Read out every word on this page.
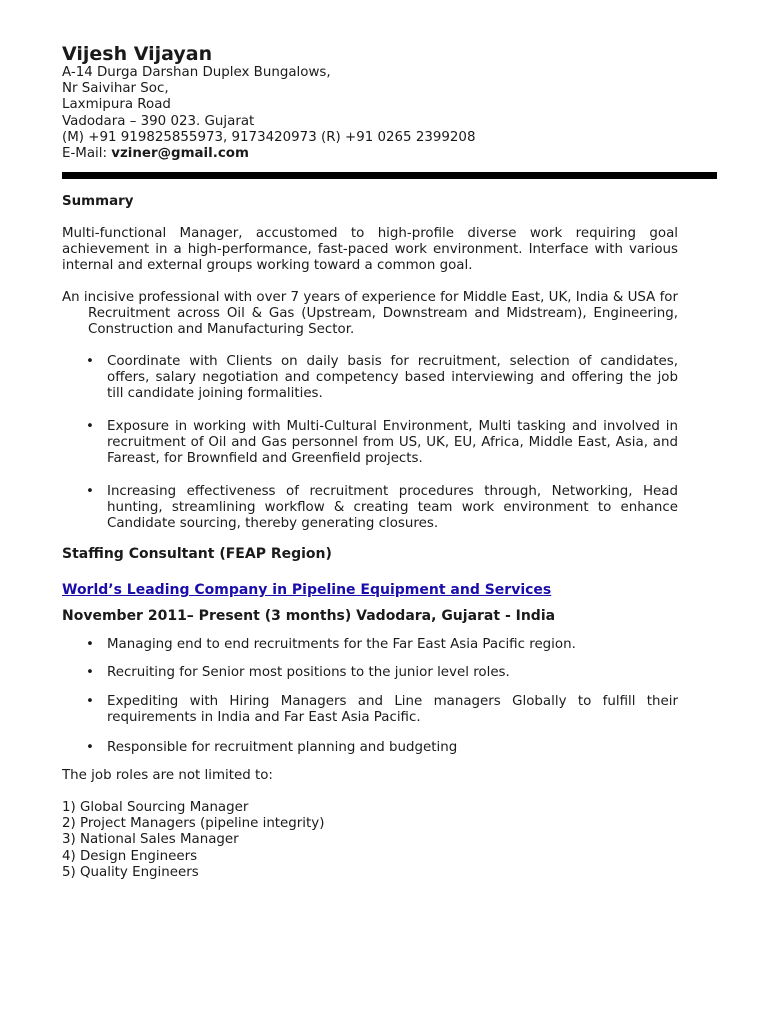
Vijesh Vijayan
A-14 Durga Darshan Duplex Bungalows,
Nr Saivihar Soc,
Laxmipura Road
Vadodara – 390 023. Gujarat
(M) +91 919825855973, 9173420973 (R) +91 0265 2399208
E-Mail: vziner@gmail.com
Summary
Multi-functional Manager, accustomed to high-profile diverse work requiring goal achievement in a high-performance, fast-paced work environment. Interface with various internal and external groups working toward a common goal.
An incisive professional with over 7 years of experience for Middle East, UK, India & USA for Recruitment across Oil & Gas (Upstream, Downstream and Midstream), Engineering, Construction and Manufacturing Sector.
• Coordinate with Clients on daily basis for recruitment, selection of candidates, offers, salary negotiation and competency based interviewing and offering the job till candidate joining formalities.
• Exposure in working with Multi-Cultural Environment, Multi tasking and involved in recruitment of Oil and Gas personnel from US, UK, EU, Africa, Middle East, Asia, and Fareast, for Brownfield and Greenfield projects.
• Increasing effectiveness of recruitment procedures through, Networking, Head hunting, streamlining workflow & creating team work environment to enhance Candidate sourcing, thereby generating closures.
Staffing Consultant (FEAP Region)
World’s Leading Company in Pipeline Equipment and Services
November 2011– Present (3 months) Vadodara, Gujarat - India
• Managing end to end recruitments for the Far East Asia Pacific region.
• Recruiting for Senior most positions to the junior level roles.
• Expediting with Hiring Managers and Line managers Globally to fulfill their requirements in India and Far East Asia Pacific.
• Responsible for recruitment planning and budgeting
The job roles are not limited to:
1) Global Sourcing Manager
2) Project Managers (pipeline integrity)
3) National Sales Manager
4) Design Engineers
5) Quality Engineers
